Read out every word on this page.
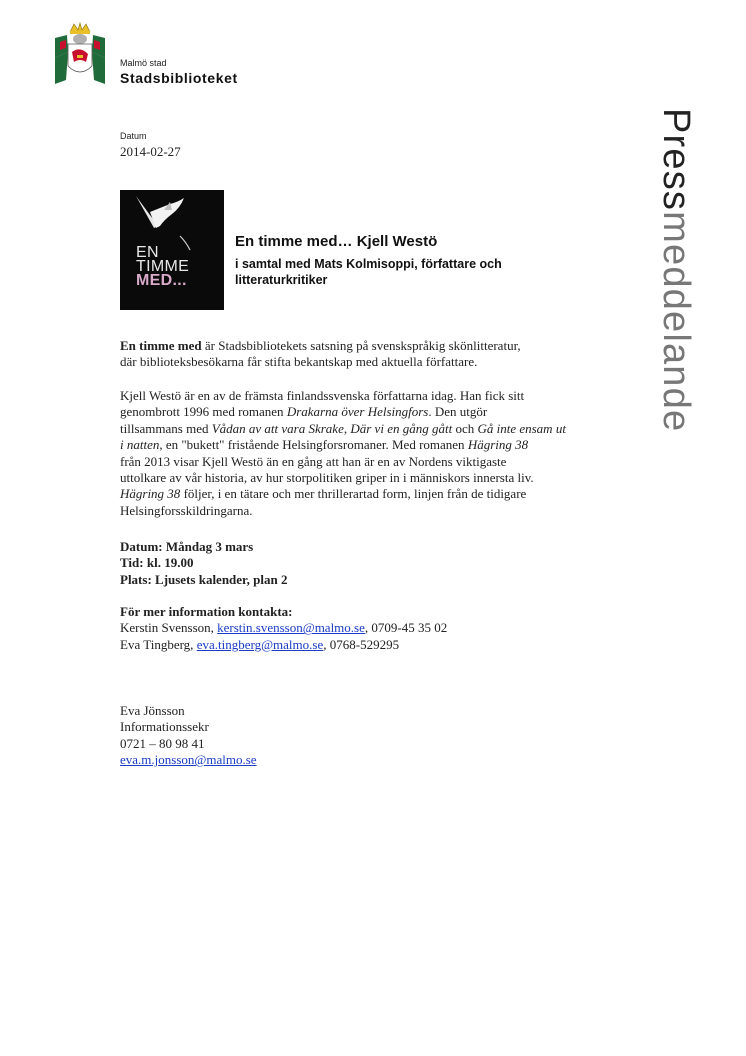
Malmö stad
Stadsbiblioteket
Pressmeddelande
Datum
2014-02-27
EN
TIMME
MED...
En timme med… Kjell Westö
i samtal med Mats Kolmisoppi, författare och litteraturkritiker
En timme med är Stadsbibliotekets satsning på svenskspråkig skönlitteratur,
där biblioteksbesökarna får stifta bekantskap med aktuella författare.
Kjell Westö är en av de främsta finlandssvenska författarna idag. Han fick sitt
genombrott 1996 med romanen Drakarna över Helsingfors. Den utgör
tillsammans med Vådan av att vara Skrake, Där vi en gång gått och Gå inte ensam ut
i natten, en "bukett" fristående Helsingforsromaner. Med romanen Hägring 38
från 2013 visar Kjell Westö än en gång att han är en av Nordens viktigaste
uttolkare av vår historia, av hur storpolitiken griper in i människors innersta liv.
Hägring 38 följer, i en tätare och mer thrillerartad form, linjen från de tidigare
Helsingforsskildringarna.
Datum: Måndag 3 mars
Tid: kl. 19.00
Plats: Ljusets kalender, plan 2
För mer information kontakta:
Kerstin Svensson, kerstin.svensson@malmo.se, 0709-45 35 02
Eva Tingberg, eva.tingberg@malmo.se, 0768-529295
Eva Jönsson
Informationssekr
0721 – 80 98 41
eva.m.jonsson@malmo.se
